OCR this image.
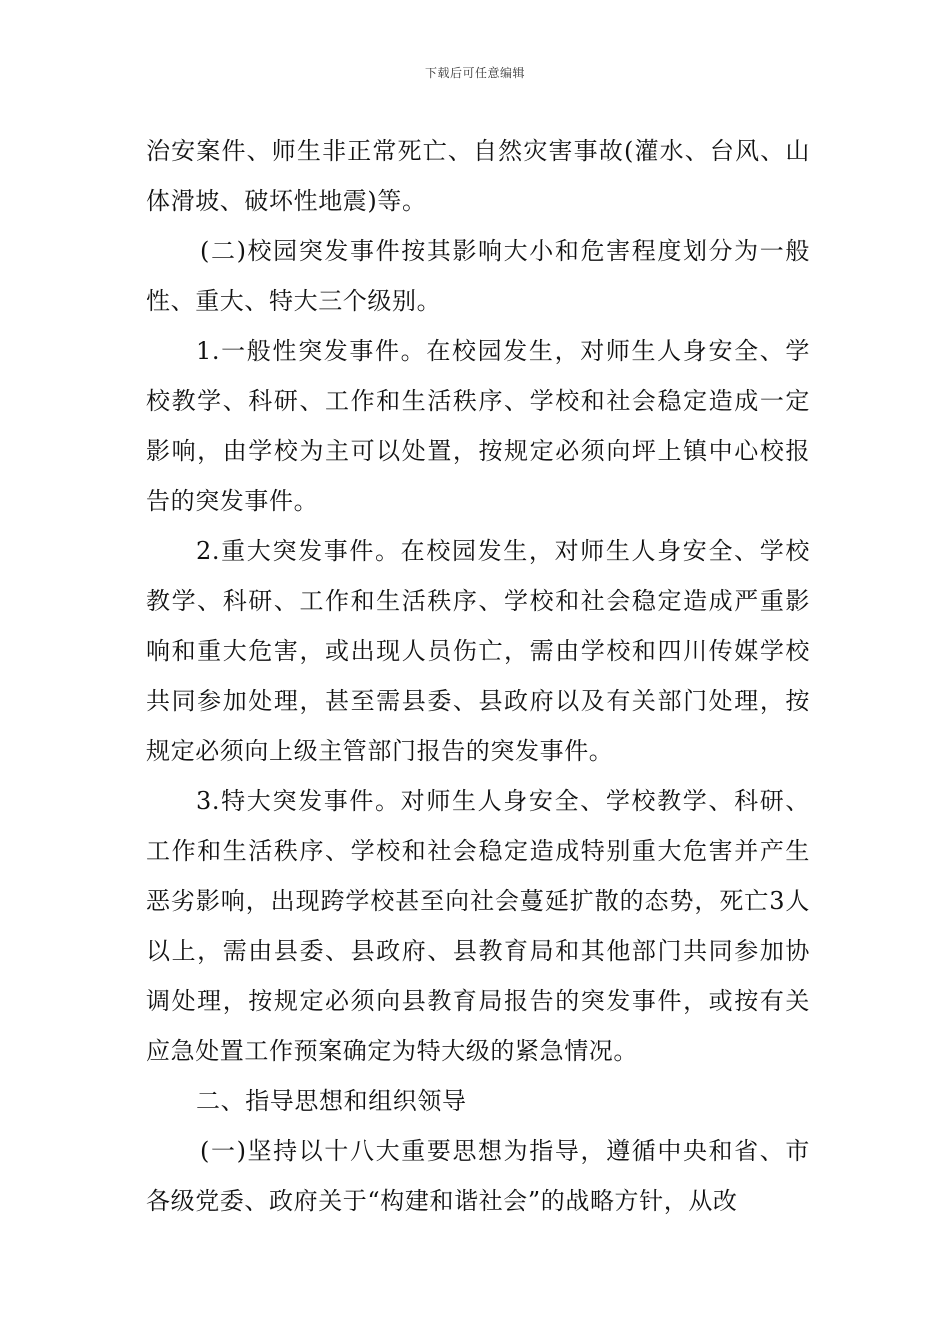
下载后可任意编辑

治安案件、师生非正常死亡、自然灾害事故(灌水、台风、山体滑坡、破坏性地震)等。

(二)校园突发事件按其影响大小和危害程度划分为一般性、重大、特大三个级别。

1.一般性突发事件。在校园发生，对师生人身安全、学校教学、科研、工作和生活秩序、学校和社会稳定造成一定影响，由学校为主可以处置，按规定必须向坪上镇中心校报告的突发事件。

2.重大突发事件。在校园发生，对师生人身安全、学校教学、科研、工作和生活秩序、学校和社会稳定造成严重影响和重大危害，或出现人员伤亡，需由学校和四川传媒学校共同参加处理，甚至需县委、县政府以及有关部门处理，按规定必须向上级主管部门报告的突发事件。

3.特大突发事件。对师生人身安全、学校教学、科研、工作和生活秩序、学校和社会稳定造成特别重大危害并产生恶劣影响，出现跨学校甚至向社会蔓延扩散的态势，死亡3人以上，需由县委、县政府、县教育局和其他部门共同参加协调处理，按规定必须向县教育局报告的突发事件，或按有关应急处置工作预案确定为特大级的紧急情况。

二、指导思想和组织领导

(一)坚持以十八大重要思想为指导，遵循中央和省、市各级党委、政府关于“构建和谐社会”的战略方针，从改
